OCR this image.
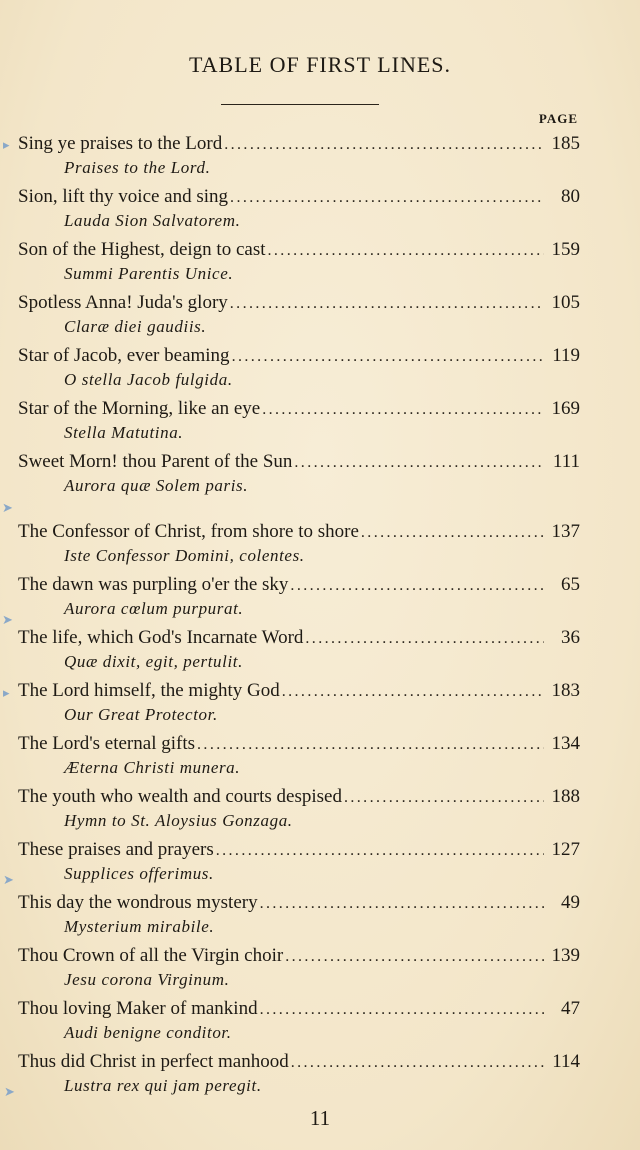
TABLE OF FIRST LINES.
PAGE
Sing ye praises to the Lord .....	185
Praises to the Lord.
Sion, lift thy voice and sing .....	80
Lauda Sion Salvatorem.
Son of the Highest, deign to cast .....	159
Summi Parentis Unice.
Spotless Anna! Juda's glory .....	105
Claræ diei gaudiis.
Star of Jacob, ever beaming .....	119
O stella Jacob fulgida.
Star of the Morning, like an eye .....	169
Stella Matutina.
Sweet Morn! thou Parent of the Sun .....	111
Aurora quæ Solem paris.
The Confessor of Christ, from shore to shore .....	137
Iste Confessor Domini, colentes.
The dawn was purpling o'er the sky .....	65
Aurora cœlum purpurat.
The life, which God's Incarnate Word .....	36
Quæ dixit, egit, pertulit.
The Lord himself, the mighty God .....	183
Our Great Protector.
The Lord's eternal gifts .....	134
Æterna Christi munera.
The youth who wealth and courts despised .....	188
Hymn to St. Aloysius Gonzaga.
These praises and prayers .....	127
Supplices offerimus.
This day the wondrous mystery .....	49
Mysterium mirabile.
Thou Crown of all the Virgin choir .....	139
Jesu corona Virginum.
Thou loving Maker of mankind .....	47
Audi benigne conditor.
Thus did Christ in perfect manhood .....	114
Lustra rex qui jam peregit.
11
▸
➤
➤
▸
➤
➤
